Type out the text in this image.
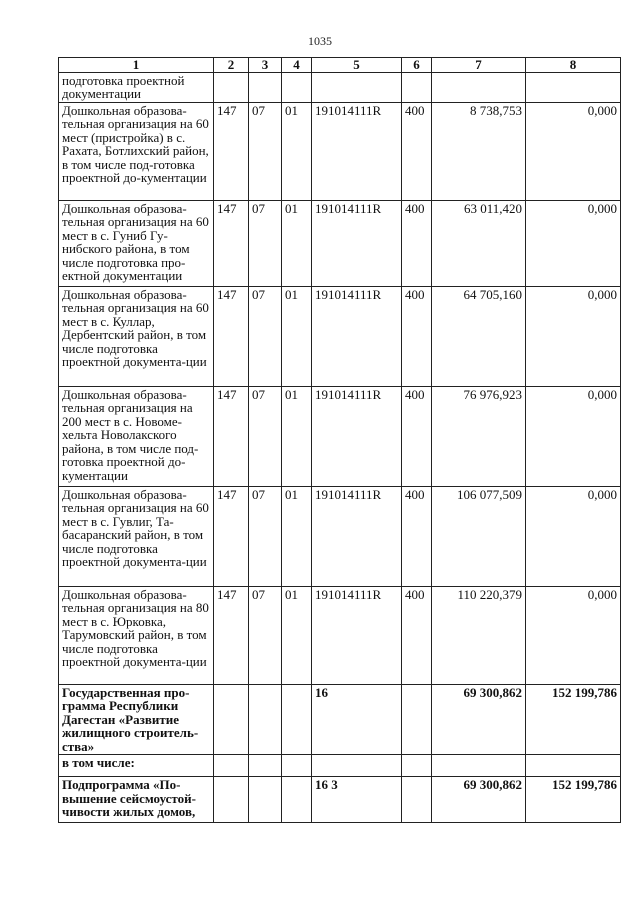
1035
1	2	3	4	5	6	7	8
подготовка проектной документации							
Дошкольная образова-тельная организация на 60 мест (пристройка) в с. Рахата, Ботлихский район, в том числе под-готовка проектной до-кументации	147	07	01	191014111R	400	8 738,753	0,000
Дошкольная образова-тельная организация на 60 мест в с. Гуниб Гу-нибского района, в том числе подготовка про-ектной документации	147	07	01	191014111R	400	63 011,420	0,000
Дошкольная образова-тельная организация на 60 мест в с. Куллар, Дербентский район, в том числе подготовка проектной документа-ции	147	07	01	191014111R	400	64 705,160	0,000
Дошкольная образова-тельная организация на 200 мест в с. Новоме-хельта Новолакского района, в том числе под-готовка проектной до-кументации	147	07	01	191014111R	400	76 976,923	0,000
Дошкольная образова-тельная организация на 60 мест в с. Гувлиг, Та-басаранский район, в том числе подготовка проектной документа-ции	147	07	01	191014111R	400	106 077,509	0,000
Дошкольная образова-тельная организация на 80 мест в с. Юрковка, Тарумовский район, в том числе подготовка проектной документа-ции	147	07	01	191014111R	400	110 220,379	0,000
Государственная про-грамма Республики Дагестан «Развитие жилищного строитель-ства»				16		69 300,862	152 199,786
в том числе:							
Подпрограмма «По-вышение сейсмоустой-чивости жилых домов,				16 3		69 300,862	152 199,786
